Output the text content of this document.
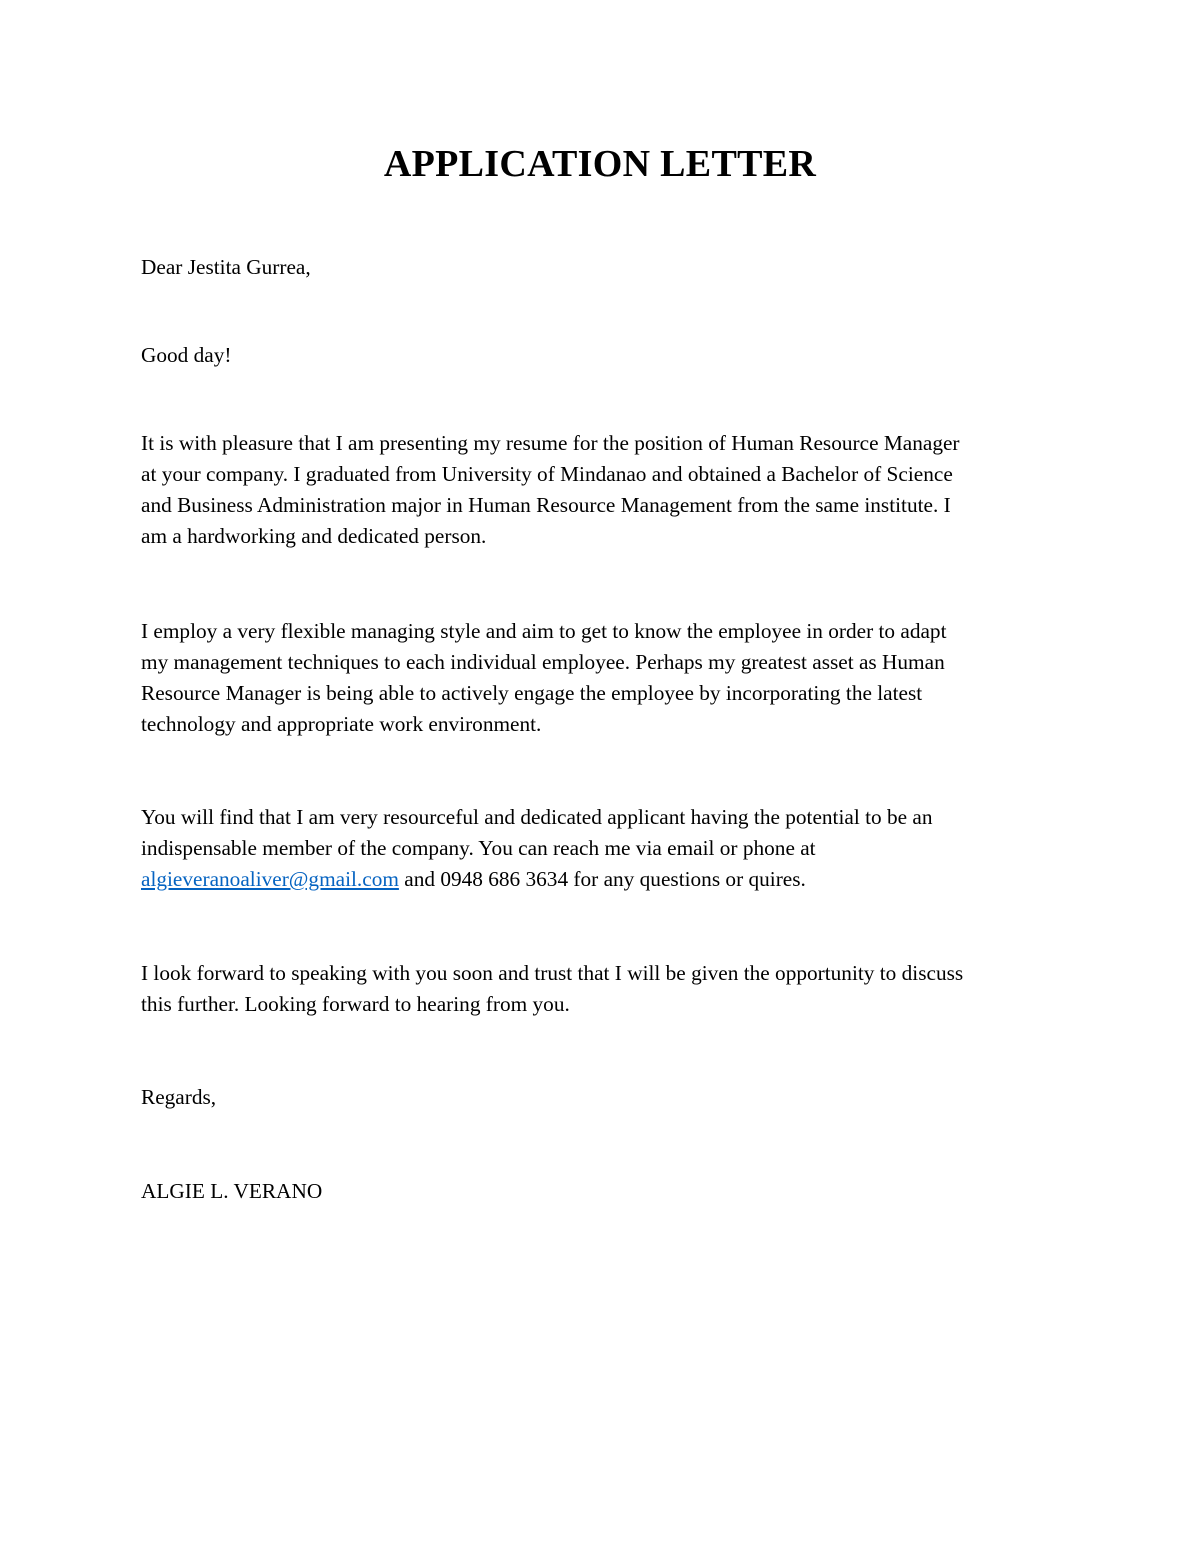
APPLICATION LETTER
Dear Jestita Gurrea,
Good day!
It is with pleasure that I am presenting my resume for the position of Human Resource Manager
at your company. I graduated from University of Mindanao and obtained a Bachelor of Science
and Business Administration major in Human Resource Management from the same institute. I
am a hardworking and dedicated person.
I employ a very flexible managing style and aim to get to know the employee in order to adapt
my management techniques to each individual employee. Perhaps my greatest asset as Human
Resource Manager is being able to actively engage the employee by incorporating the latest
technology and appropriate work environment.
You will find that I am very resourceful and dedicated applicant having the potential to be an
indispensable member of the company. You can reach me via email or phone at
algieveranoaliver@gmail.com and 0948 686 3634 for any questions or quires.
I look forward to speaking with you soon and trust that I will be given the opportunity to discuss
this further. Looking forward to hearing from you.
Regards,
ALGIE L. VERANO
